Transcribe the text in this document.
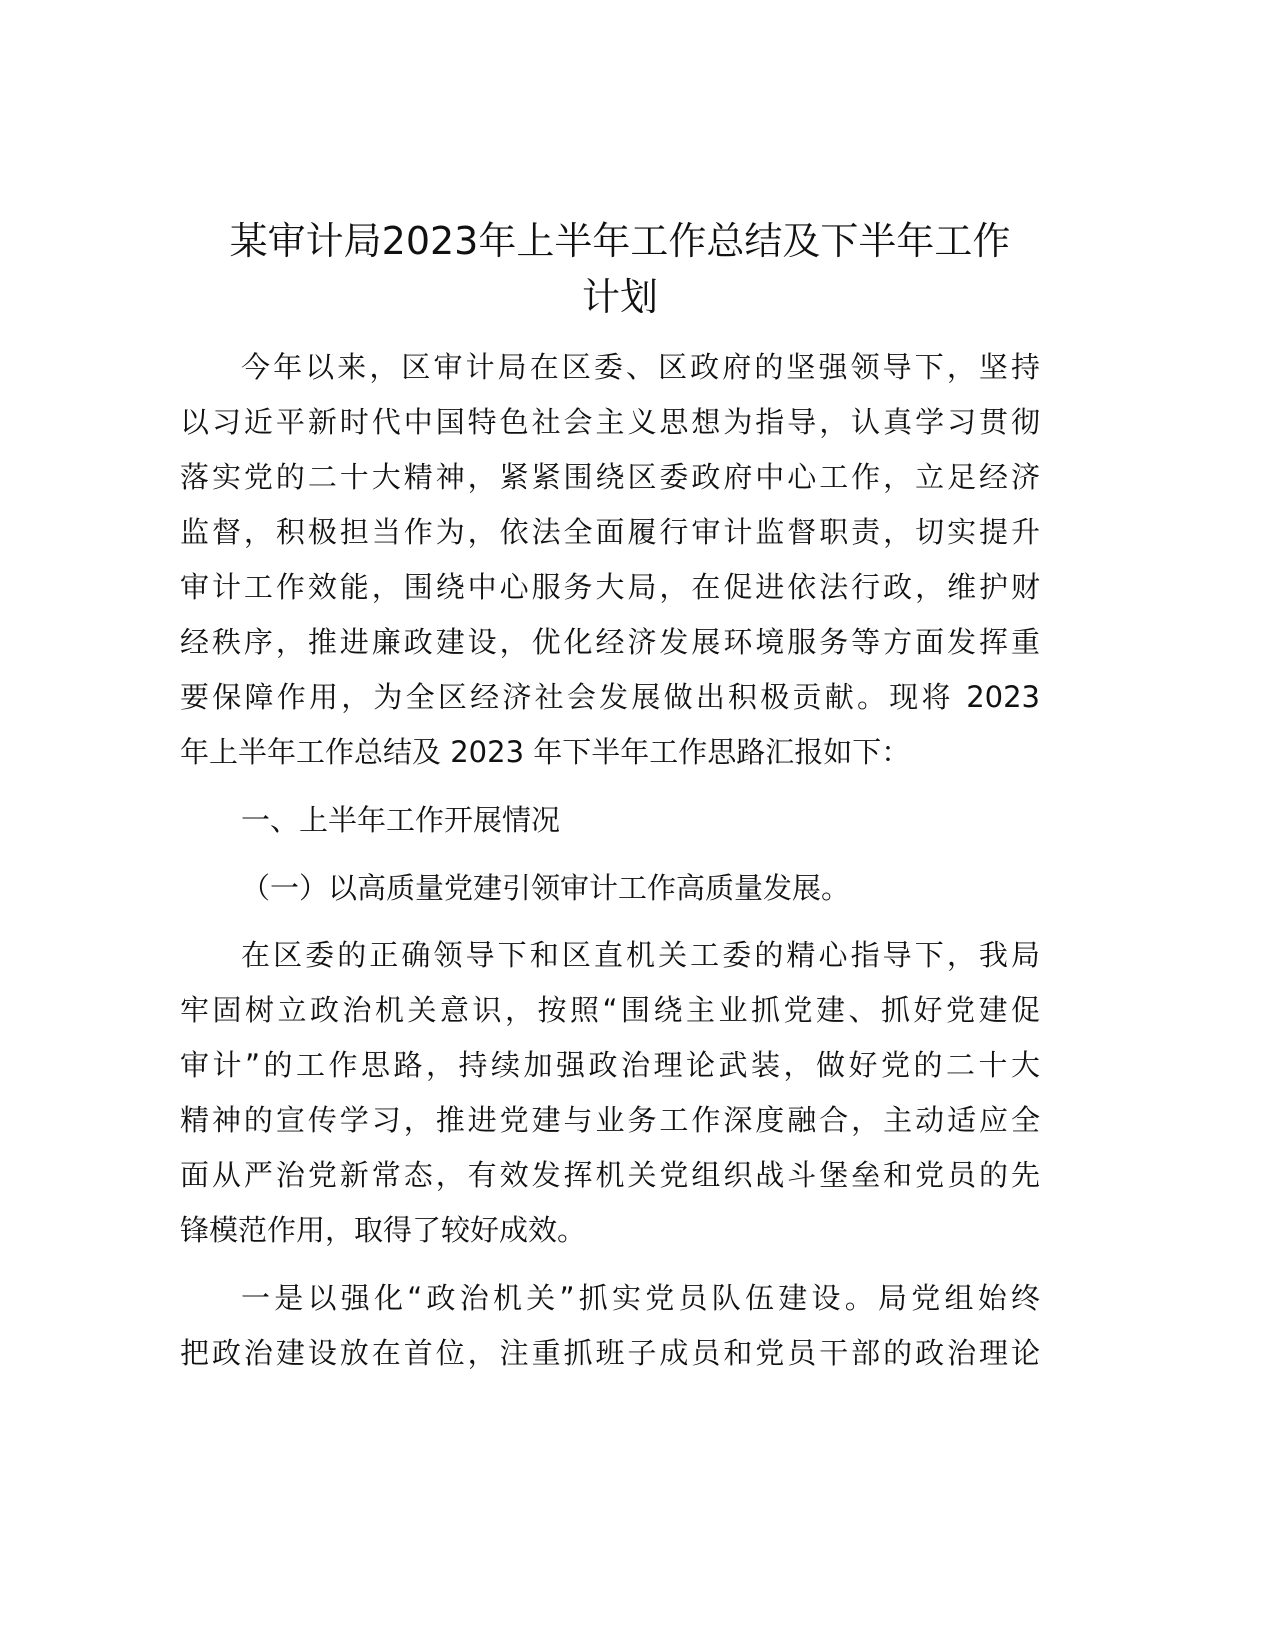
某审计局2023年上半年工作总结及下半年工作
计划
今年以来，区审计局在区委、区政府的坚强领导下，坚持
以习近平新时代中国特色社会主义思想为指导，认真学习贯彻
落实党的二十大精神，紧紧围绕区委政府中心工作，立足经济
监督，积极担当作为，依法全面履行审计监督职责，切实提升
审计工作效能，围绕中心服务大局，在促进依法行政，维护财
经秩序，推进廉政建设，优化经济发展环境服务等方面发挥重
要保障作用，为全区经济社会发展做出积极贡献。现将 2023
年上半年工作总结及 2023 年下半年工作思路汇报如下：
一、上半年工作开展情况
（一）以高质量党建引领审计工作高质量发展。
在区委的正确领导下和区直机关工委的精心指导下，我局
牢固树立政治机关意识，按照“围绕主业抓党建、抓好党建促
审计”的工作思路，持续加强政治理论武装，做好党的二十大
精神的宣传学习，推进党建与业务工作深度融合，主动适应全
面从严治党新常态，有效发挥机关党组织战斗堡垒和党员的先
锋模范作用，取得了较好成效。
一是以强化“政治机关”抓实党员队伍建设。局党组始终
把政治建设放在首位，注重抓班子成员和党员干部的政治理论
